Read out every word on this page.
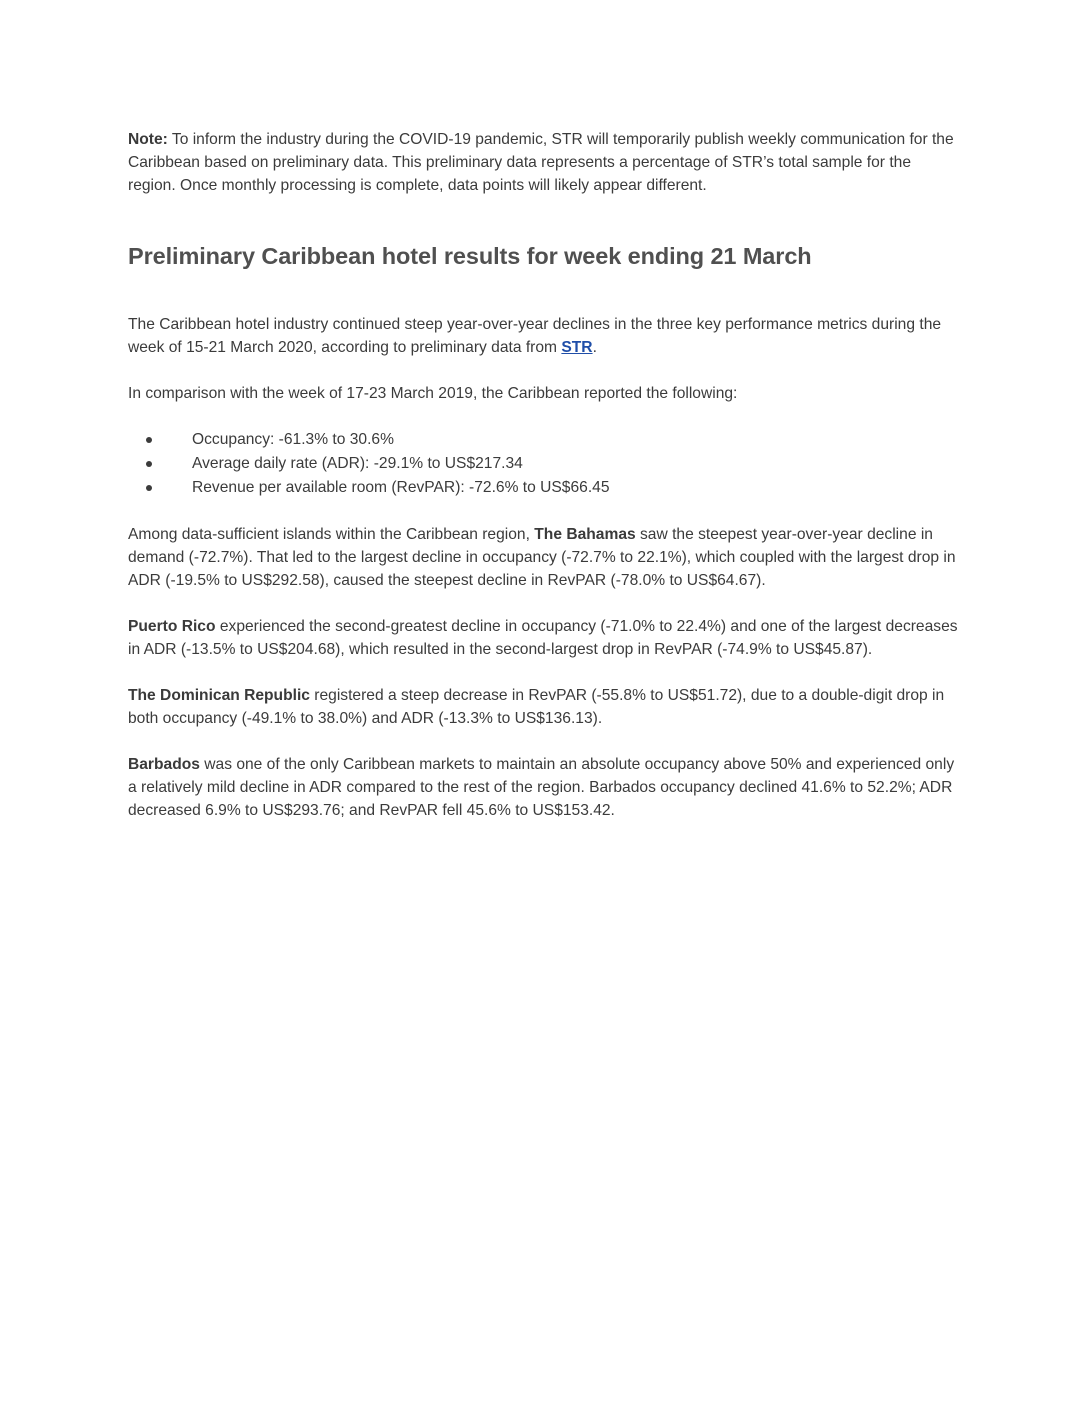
Note: To inform the industry during the COVID-19 pandemic, STR will temporarily publish weekly communication for the Caribbean based on preliminary data. This preliminary data represents a percentage of STR’s total sample for the region. Once monthly processing is complete, data points will likely appear different.

Preliminary Caribbean hotel results for week ending 21 March

The Caribbean hotel industry continued steep year-over-year declines in the three key performance metrics during the week of 15-21 March 2020, according to preliminary data from STR.

In comparison with the week of 17-23 March 2019, the Caribbean reported the following:

Occupancy: -61.3% to 30.6%
Average daily rate (ADR): -29.1% to US$217.34
Revenue per available room (RevPAR): -72.6% to US$66.45

Among data-sufficient islands within the Caribbean region, The Bahamas saw the steepest year-over-year decline in demand (-72.7%). That led to the largest decline in occupancy (-72.7% to 22.1%), which coupled with the largest drop in ADR (-19.5% to US$292.58), caused the steepest decline in RevPAR (-78.0% to US$64.67).

Puerto Rico experienced the second-greatest decline in occupancy (-71.0% to 22.4%) and one of the largest decreases in ADR (-13.5% to US$204.68), which resulted in the second-largest drop in RevPAR (-74.9% to US$45.87).

The Dominican Republic registered a steep decrease in RevPAR (-55.8% to US$51.72), due to a double-digit drop in both occupancy (-49.1% to 38.0%) and ADR (-13.3% to US$136.13).

Barbados was one of the only Caribbean markets to maintain an absolute occupancy above 50% and experienced only a relatively mild decline in ADR compared to the rest of the region. Barbados occupancy declined 41.6% to 52.2%; ADR decreased 6.9% to US$293.76; and RevPAR fell 45.6% to US$153.42.
